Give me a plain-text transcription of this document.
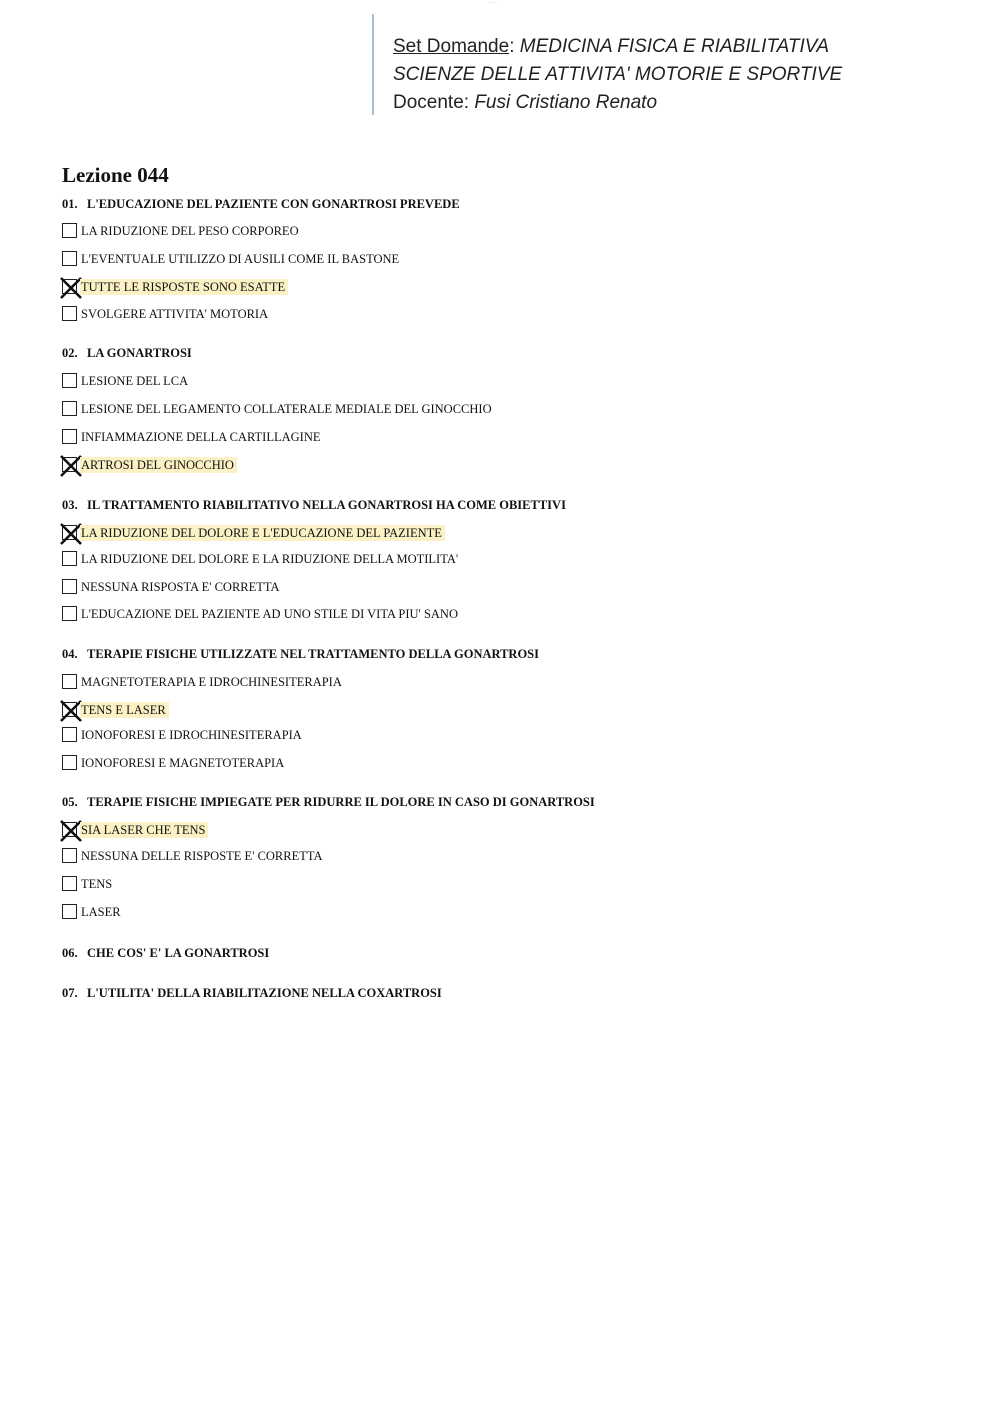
..........
Set Domande: MEDICINA FISICA E RIABILITATIVA
SCIENZE DELLE ATTIVITA' MOTORIE E SPORTIVE
Docente: Fusi Cristiano Renato
Lezione 044
01. L'EDUCAZIONE DEL PAZIENTE CON GONARTROSI PREVEDE
LA RIDUZIONE DEL PESO CORPOREO
L'EVENTUALE UTILIZZO DI AUSILI COME IL BASTONE
TUTTE LE RISPOSTE SONO ESATTE
SVOLGERE ATTIVITA' MOTORIA
02. LA GONARTROSI
LESIONE DEL LCA
LESIONE DEL LEGAMENTO COLLATERALE MEDIALE DEL GINOCCHIO
INFIAMMAZIONE DELLA CARTILLAGINE
ARTROSI DEL GINOCCHIO
03. IL TRATTAMENTO RIABILITATIVO NELLA GONARTROSI HA COME OBIETTIVI
LA RIDUZIONE DEL DOLORE E L'EDUCAZIONE DEL PAZIENTE
LA RIDUZIONE DEL DOLORE E LA RIDUZIONE DELLA MOTILITA'
NESSUNA RISPOSTA E' CORRETTA
L'EDUCAZIONE DEL PAZIENTE AD UNO STILE DI VITA PIU' SANO
04. TERAPIE FISICHE UTILIZZATE NEL TRATTAMENTO DELLA GONARTROSI
MAGNETOTERAPIA E IDROCHINESITERAPIA
TENS E LASER
IONOFORESI E IDROCHINESITERAPIA
IONOFORESI E MAGNETOTERAPIA
05. TERAPIE FISICHE IMPIEGATE PER RIDURRE IL DOLORE IN CASO DI GONARTROSI
SIA LASER CHE TENS
NESSUNA DELLE RISPOSTE E' CORRETTA
TENS
LASER
06. CHE COS' E' LA GONARTROSI
07. L'UTILITA' DELLA RIABILITAZIONE NELLA COXARTROSI
